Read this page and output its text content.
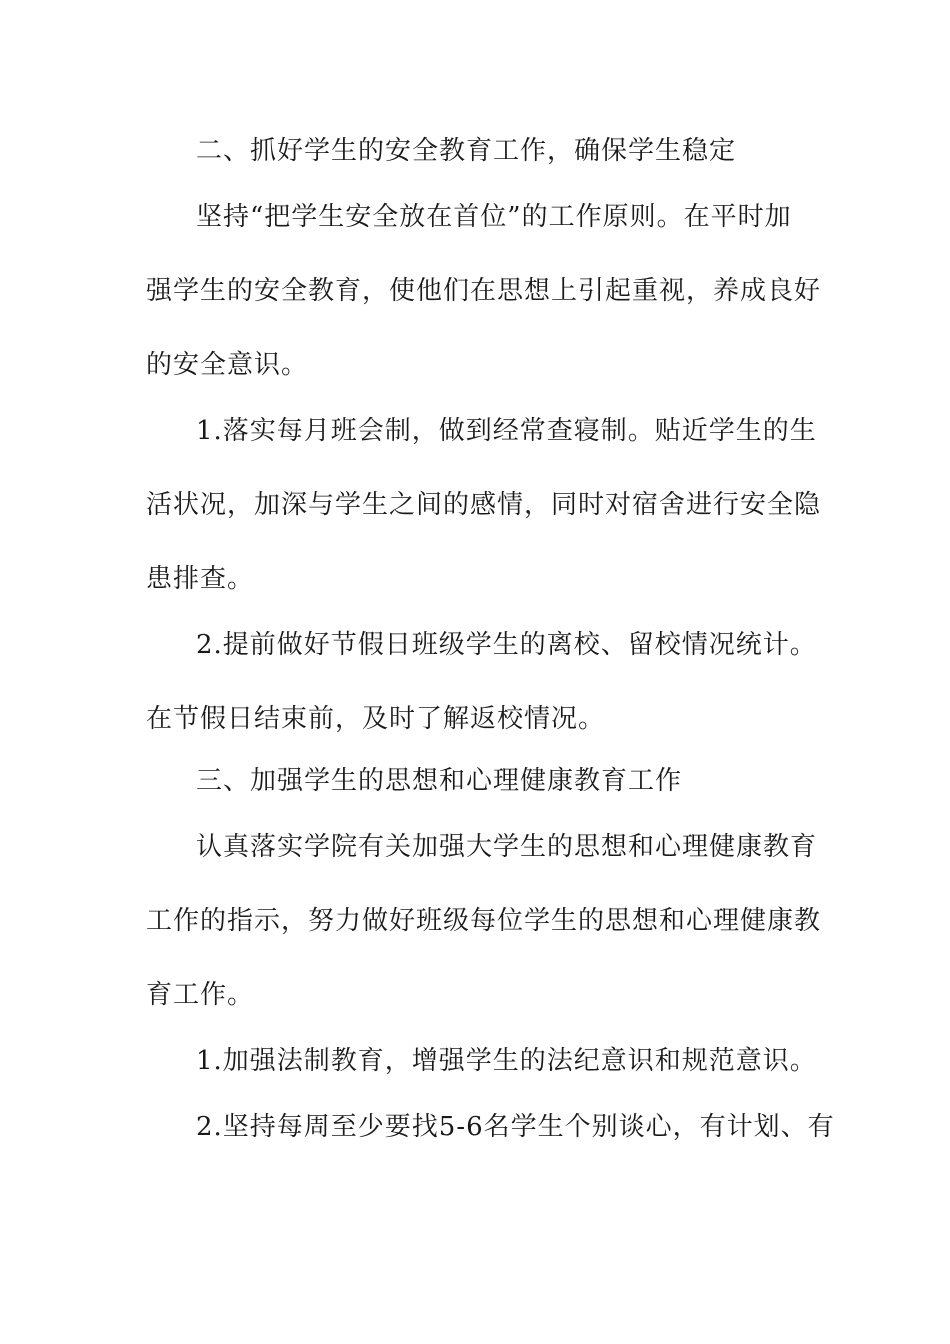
二、抓好学生的安全教育工作，确保学生稳定
坚持“把学生安全放在首位”的工作原则。在平时加
强学生的安全教育，使他们在思想上引起重视，养成良好
的安全意识。
1.落实每月班会制，做到经常查寝制。贴近学生的生
活状况，加深与学生之间的感情，同时对宿舍进行安全隐
患排查。
2.提前做好节假日班级学生的离校、留校情况统计。
在节假日结束前，及时了解返校情况。
三、加强学生的思想和心理健康教育工作
认真落实学院有关加强大学生的思想和心理健康教育
工作的指示，努力做好班级每位学生的思想和心理健康教
育工作。
1.加强法制教育，增强学生的法纪意识和规范意识。
2.坚持每周至少要找5-6名学生个别谈心，有计划、有
